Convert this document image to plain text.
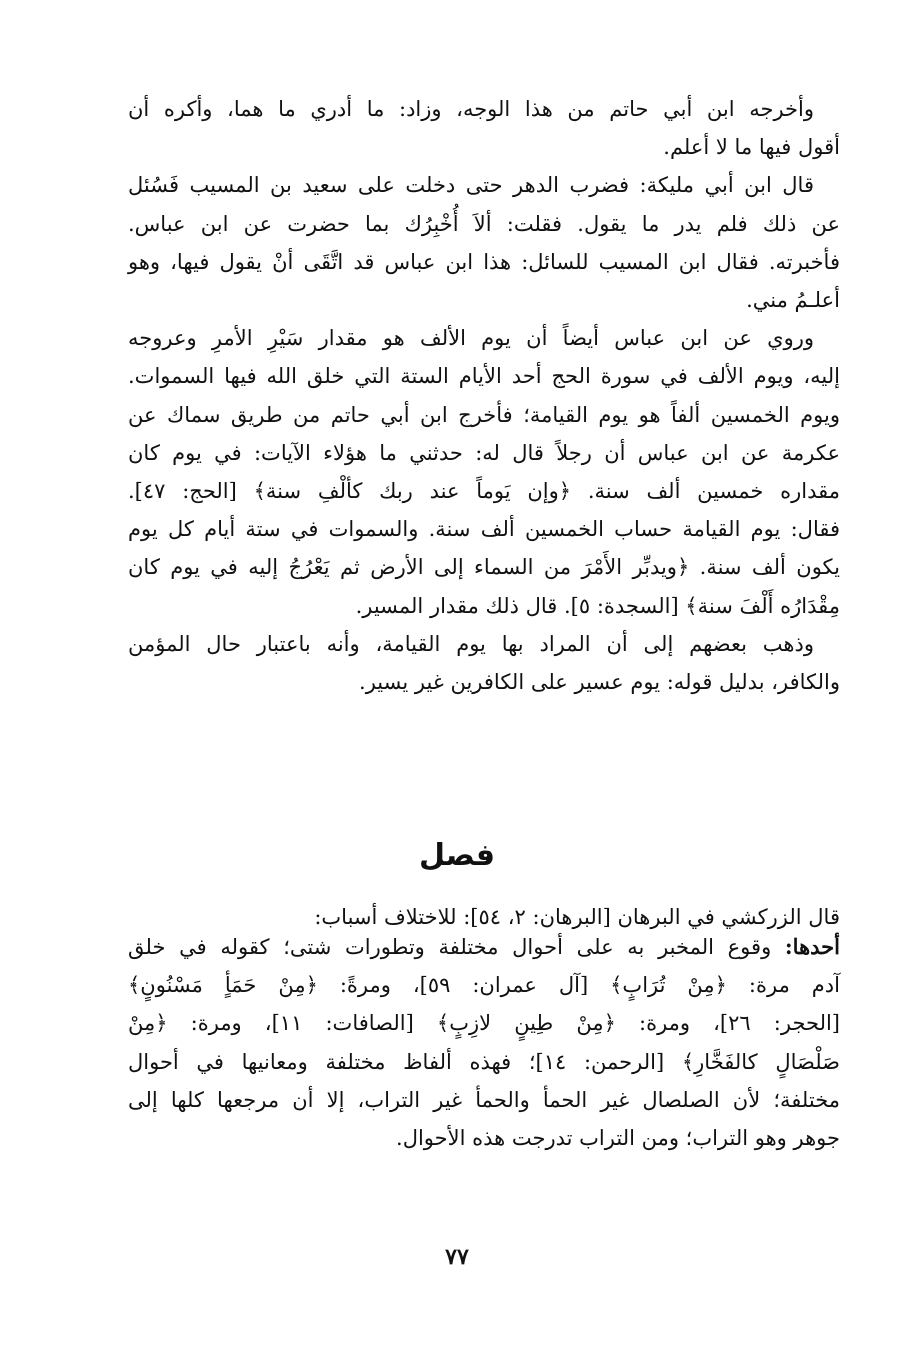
وأخرجه ابن أبي حاتم من هذا الوجه، وزاد: ما أدري ما هما، وأكره أن
أقول فيها ما لا أعلم.

قال ابن أبي مليكة: فضرب الدهر حتى دخلت على سعيد بن المسيب فَسُئل
عن ذلك فلم يدر ما يقول. فقلت: ألاَ أُخْبِرُك بما حضرت عن ابن عباس.
فأخبرته. فقال ابن المسيب للسائل: هذا ابن عباس قد اتَّقَى أنْ يقول فيها، وهو
أعلـمُ مني.

وروي عن ابن عباس أيضاً أن يوم الألف هو مقدار سَيْرِ الأمرِ وعروجه
إليه، ويوم الألف في سورة الحج أحد الأيام الستة التي خلق الله فيها السموات.
ويوم الخمسين ألفاً هو يوم القيامة؛ فأخرج ابن أبي حاتم من طريق سماك عن
عكرمة عن ابن عباس أن رجلاً قال له: حدثني ما هؤلاء الآيات: في يوم كان
مقداره خمسين ألف سنة. ﴿وإن يَوماً عند ربك كألْفِ سنة﴾ [الحج: ٤٧].
فقال: يوم القيامة حساب الخمسين ألف سنة. والسموات في ستة أيام كل يوم
يكون ألف سنة. ﴿ويدبِّر الأَمْرَ من السماء إلى الأرض ثم يَعْرُجُ إليه في يوم كان
مِقْدَارُه أَلْفَ سنة﴾ [السجدة: ٥]. قال ذلك مقدار المسير.

وذهب بعضهم إلى أن المراد بها يوم القيامة، وأنه باعتبار حال المؤمن
والكافر، بدليل قوله: يوم عسير على الكافرين غير يسير.

فصل
قال الزركشي في البرهان [البرهان: ٢، ٥٤]: للاختلاف أسباب:

أحدها: وقوع المخبر به على أحوال مختلفة وتطورات شتى؛ كقوله في خلق
آدم مرة: ﴿مِنْ تُرَابٍ﴾ [آل عمران: ٥٩]، ومرةً: ﴿مِنْ حَمَأٍ مَسْنُونٍ﴾
[الحجر: ٢٦]، ومرة: ﴿مِنْ طِينٍ لازِبٍ﴾ [الصافات: ١١]، ومرة: ﴿مِنْ
صَلْصَالٍ كالفَخَّارِ﴾ [الرحمن: ١٤]؛ فهذه ألفاظ مختلفة ومعانيها في أحوال
مختلفة؛ لأن الصلصال غير الحمأ والحمأ غير التراب، إلا أن مرجعها كلها إلى
جوهر وهو التراب؛ ومن التراب تدرجت هذه الأحوال.

٧٧
